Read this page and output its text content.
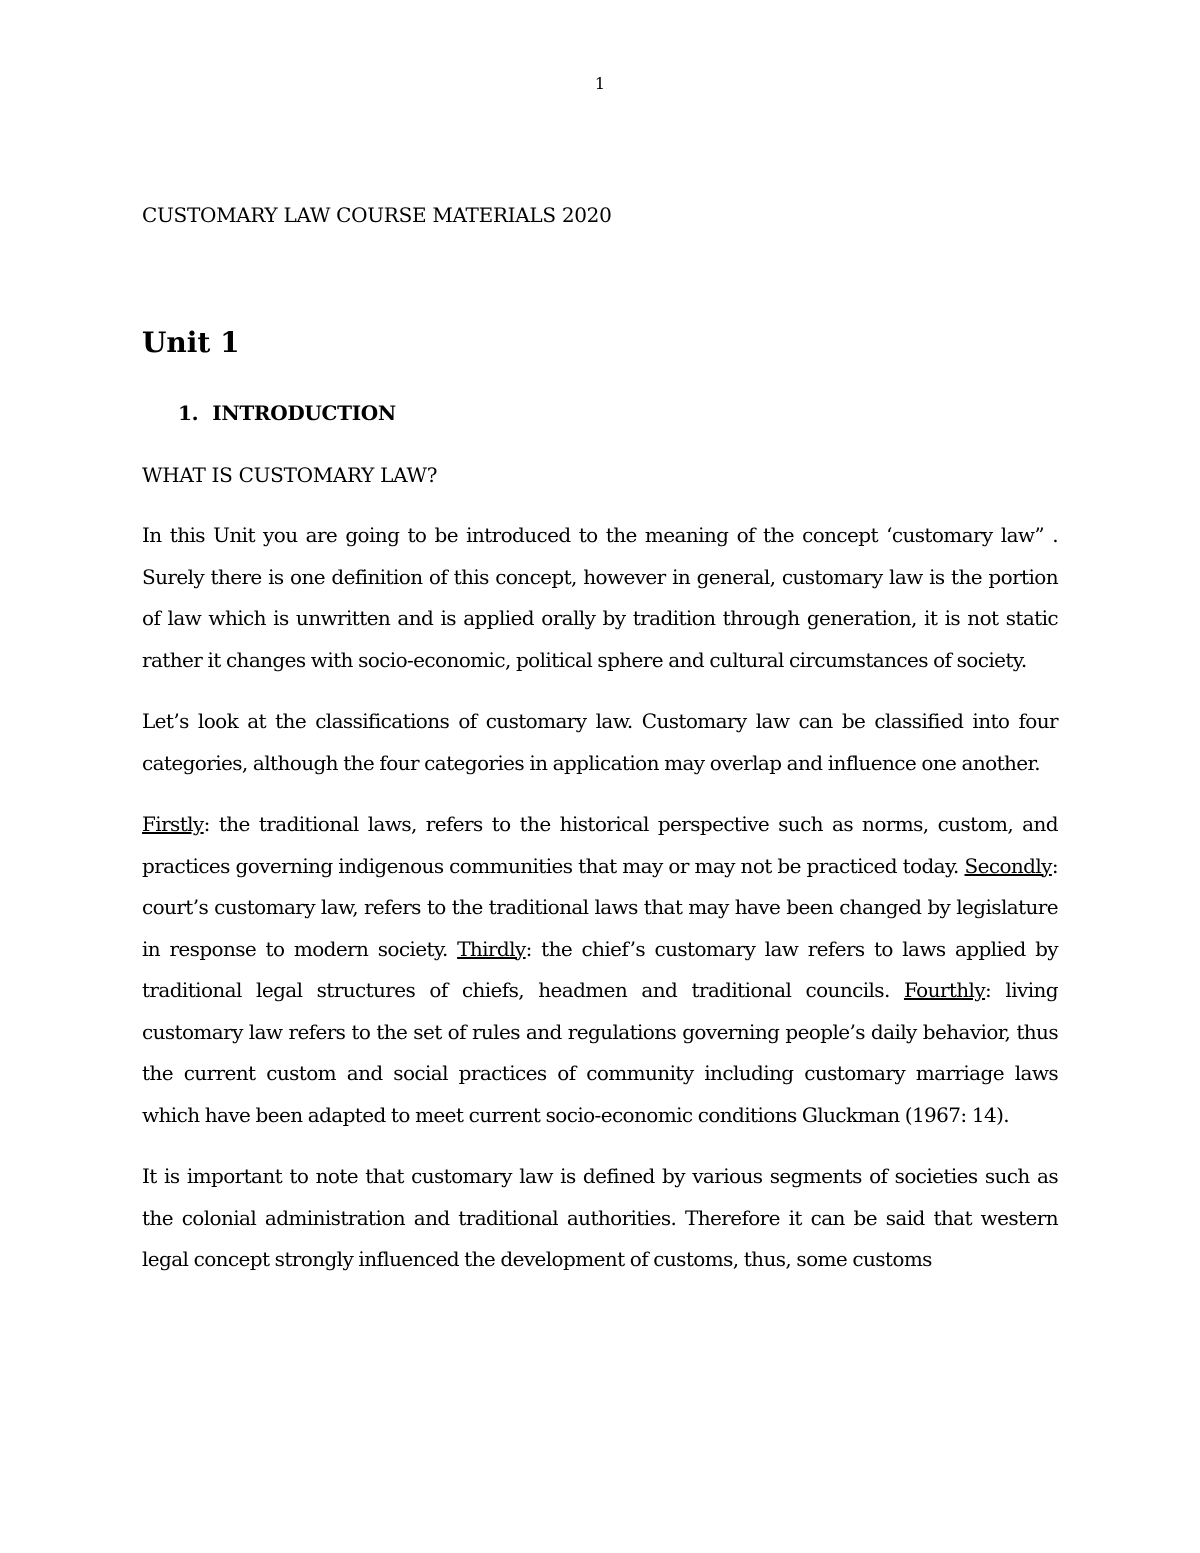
1
CUSTOMARY LAW COURSE MATERIALS 2020
Unit 1
1. INTRODUCTION
WHAT IS CUSTOMARY LAW?

In this Unit you are going to be introduced to the meaning of the concept ‘customary law” . Surely there is one definition of this concept, however in general, customary law is the portion of law which is unwritten and is applied orally by tradition through generation, it is not static rather it changes with socio-economic, political sphere and cultural circumstances of society.

Let’s look at the classifications of customary law. Customary law can be classified into four categories, although the four categories in application may overlap and influence one another.

Firstly: the traditional laws, refers to the historical perspective such as norms, custom, and practices governing indigenous communities that may or may not be practiced today. Secondly: court’s customary law, refers to the traditional laws that may have been changed by legislature in response to modern society. Thirdly: the chief’s customary law refers to laws applied by traditional legal structures of chiefs, headmen and traditional councils. Fourthly: living customary law refers to the set of rules and regulations governing people’s daily behavior, thus the current custom and social practices of community including customary marriage laws which have been adapted to meet current socio-economic conditions Gluckman (1967: 14).

It is important to note that customary law is defined by various segments of societies such as the colonial administration and traditional authorities. Therefore it can be said that western legal concept strongly influenced the development of customs, thus, some customs
